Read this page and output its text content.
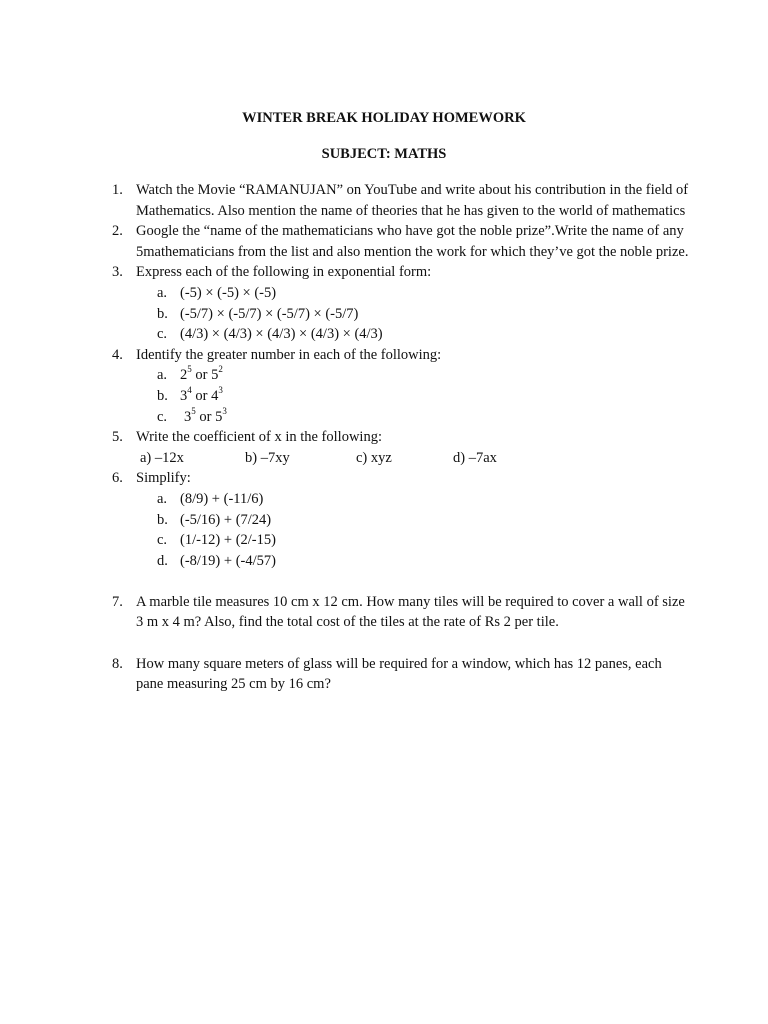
WINTER BREAK HOLIDAY HOMEWORK
SUBJECT: MATHS
1. Watch the Movie “RAMANUJAN” on YouTube and write about his contribution in the field of Mathematics. Also mention the name of theories that he has given to the world of mathematics
2. Google the “name of the mathematicians who have got the noble prize”.Write the name of any 5mathematicians from the list and also mention the work for which they’ve got the noble prize.
3. Express each of the following in exponential form:
a. (-5) × (-5) × (-5)
b. (-5/7) × (-5/7) × (-5/7) × (-5/7)
c. (4/3) × (4/3) × (4/3) × (4/3) × (4/3)
4. Identify the greater number in each of the following:
a. $2^5$ or $5^2$
b. $3^4$ or $4^3$
c.	$3^5$ or $5^3$
5. Write the coefficient of x in the following:
a) –12x	b) –7xy	c) xyz	d) –7ax
6. Simplify:
a. (8/9) + (-11/6)
b. (-5/16) + (7/24)
c. (1/-12) + (2/-15)
d. (-8/19) + (-4/57)
7. A marble tile measures 10 cm x 12 cm. How many tiles will be required to cover a wall of size 3 m x 4 m? Also, find the total cost of the tiles at the rate of Rs 2 per tile.
8. How many square meters of glass will be required for a window, which has 12 panes, each pane measuring 25 cm by 16 cm?
